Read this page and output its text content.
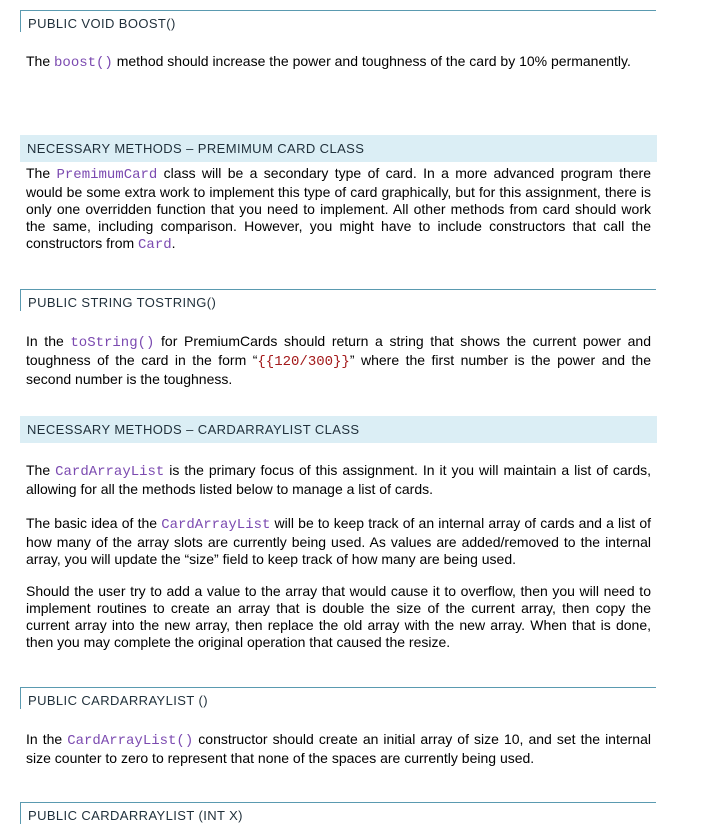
PUBLIC VOID BOOST()

The boost() method should increase the power and toughness of the card by 10% permanently.

NECESSARY METHODS – PREMIMUM CARD CLASS

The PremimumCard class will be a secondary type of card. In a more advanced program there would be some extra work to implement this type of card graphically, but for this assignment, there is only one overridden function that you need to implement. All other methods from card should work the same, including comparison. However, you might have to include constructors that call the constructors from Card.

PUBLIC STRING TOSTRING()

In the toString() for PremiumCards should return a string that shows the current power and toughness of the card in the form “{{120/300}}” where the first number is the power and the second number is the toughness.

NECESSARY METHODS – CARDARRAYLIST CLASS

The CardArrayList is the primary focus of this assignment. In it you will maintain a list of cards, allowing for all the methods listed below to manage a list of cards.

The basic idea of the CardArrayList will be to keep track of an internal array of cards and a list of how many of the array slots are currently being used. As values are added/removed to the internal array, you will update the “size” field to keep track of how many are being used.

Should the user try to add a value to the array that would cause it to overflow, then you will need to implement routines to create an array that is double the size of the current array, then copy the current array into the new array, then replace the old array with the new array. When that is done, then you may complete the original operation that caused the resize.

PUBLIC CARDARRAYLIST ()

In the CardArrayList() constructor should create an initial array of size 10, and set the internal size counter to zero to represent that none of the spaces are currently being used.

PUBLIC CARDARRAYLIST (INT X)
